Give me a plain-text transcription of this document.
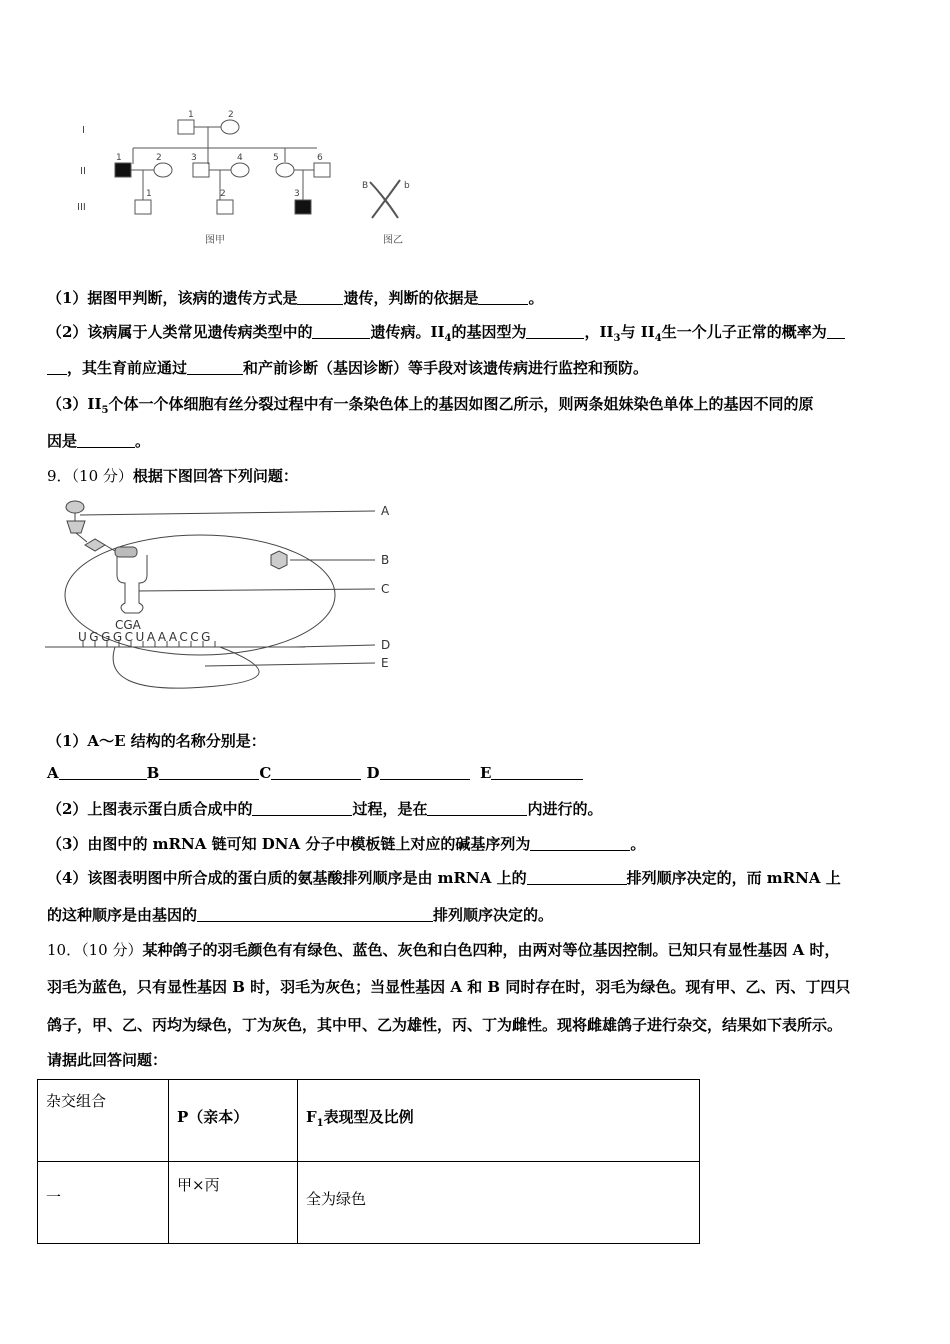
I
II
III
1	2
1	2	3	4	5	6
1	2	3
B	b
图甲	图乙
（1）据图甲判断，该病的遗传方式是	遗传，判断的依据是	。
（2）该病属于人类常见遗传病类型中的	遗传病。$II_4$的基因型为	，$II_3$与 $II_4$生一个儿子正常的概率为
，其生育前应通过	和产前诊断（基因诊断）等手段对该遗传病进行监控和预防。
$(3)II_5$个体一个体细胞有丝分裂过程中有一条染色体上的基因如图乙所示，则两条姐妹染色单体上的基因不同的原
因是	。
9．（10 分）根据下图回答下列问题：
CGA
UGGGCUAAACCG
A
B
C
D
E
（1）A～E 结构的名称分别是：
A	B	C	D	E
（2）上图表示蛋白质合成中的	过程，是在	内进行的。
（3）由图中的 mRNA 链可知 DNA 分子中模板链上对应的碱基序列为	。
（4）该图表明图中所合成的蛋白质的氨基酸排列顺序是由 mRNA 上的	排列顺序决定的，而 mRNA 上
的这种顺序是由基因的	排列顺序决定的。
10．（10 分）某种鸽子的羽毛颜色有有绿色、蓝色、灰色和白色四种，由两对等位基因控制。已知只有显性基因 A 时，
羽毛为蓝色，只有显性基因 B 时，羽毛为灰色；当显性基因 A 和 B 同时存在时，羽毛为绿色。现有甲、乙、丙、丁四只
鸽子，甲、乙、丙均为绿色，丁为灰色，其中甲、乙为雄性，丙、丁为雌性。现将雌雄鸽子进行杂交，结果如下表所示。
请据此回答问题：
杂交组合	P（亲本）	$F_1$表现型及比例
一	甲×丙	全为绿色
